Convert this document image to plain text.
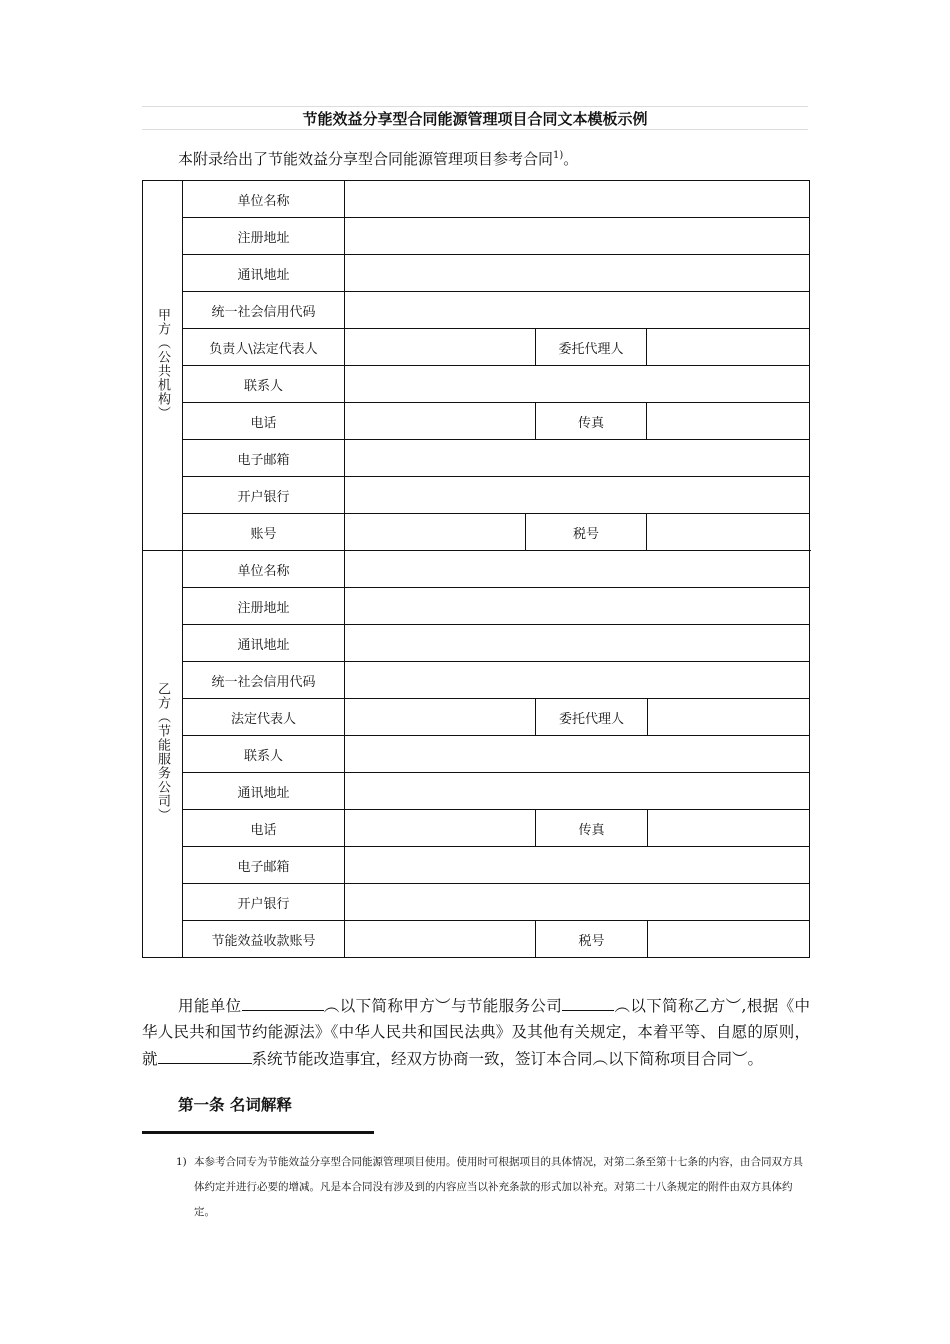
节能效益分享型合同能源管理项目合同文本模板示例
本附录给出了节能效益分享型合同能源管理项目参考合同$^{1)}$。
甲方（公共机构）	单位名称				
	注册地址				
	通讯地址				
	统一社会信用代码				
	负责人\法定代表人			委托代理人	
	联系人				
	电话			传真	
	电子邮箱				
	开户银行				
	账号		税号		
乙方（节能服务公司）	单位名称			
	注册地址			
	通讯地址			
	统一社会信用代码			
	法定代表人		委托代理人	
	联系人			
	通讯地址			
	电话		传真	
	电子邮箱			
	开户银行			
	节能效益收款账号		税号	
用能单位	︵以下简称甲方︶与节能服务公司	︵以下简称乙方︶,根据《中华人民共和国节约能源法》《中华人民共和国民法典》及其他有关规定，本着平等、自愿的原则，就	系统节能改造事宜，经双方协商一致，签订本合同︵以下简称项目合同︶。
第一条 名词解释
1) 本参考合同专为节能效益分享型合同能源管理项目使用。使用时可根据项目的具体情况，对第二条至第十七条的内容，由合同双方具体约定并进行必要的增减。凡是本合同没有涉及到的内容应当以补充条款的形式加以补充。对第二十八条规定的附件由双方具体约定。
